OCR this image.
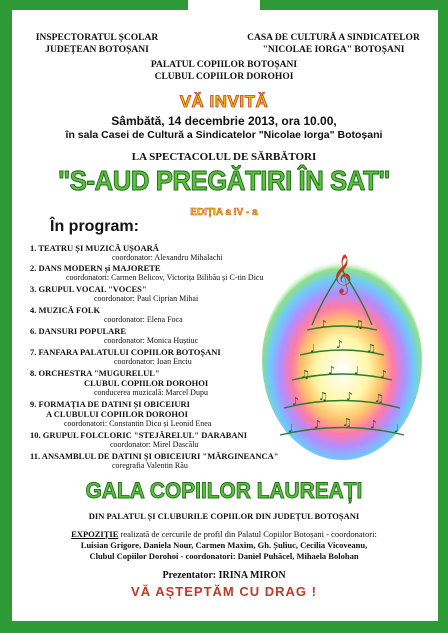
INSPECTORATUL ȘCOLAR
JUDEȚEAN BOTOȘANI
CASA DE CULTURĂ A SINDICATELOR
"NICOLAE IORGA" BOTOȘANI
PALATUL COPIILOR BOTOȘANI
CLUBUL COPIILOR DOROHOI
VĂ INVITĂ
Sâmbătă, 14 decembrie 2013, ora 10.00,
în sala Casei de Cultură a Sindicatelor "Nicolae Iorga" Botoșani
LA SPECTACOLUL DE SĂRBĂTORI
"S-AUD PREGĂTIRI ÎN SAT"
EDIȚIA a IV - a
În program:
1. TEATRU ȘI MUZICĂ UȘOARĂ
coordonator: Alexandru Mihalachi
2. DANS MODERN și MAJORETE
coordonatori: Carmen Belicov, Victorița Bilibău și C-tin Dicu
3. GRUPUL VOCAL "VOCES"
coordonator: Paul Ciprian Mihai
4. MUZICĂ FOLK
coordonator: Elena Foca
6. DANSURI POPULARE
coordonator: Monica Huștiuc
7. FANFARA PALATULUI COPIILOR BOTOȘANI
coordonator: Ioan Enciu
8. ORCHESTRA "MUGURELUL"
CLUBUL COPIILOR DOROHOI
conducerea muzicală: Marcel Dupu
9. FORMAȚIA DE DATINI ȘI OBICEIURI
A CLUBULUI COPIILOR DOROHOI
coordonatori: Constantin Dicu și Leonid Enea
10. GRUPUL FOLCLORIC "STEJĂRELUL" DARABANI
coordonator: Mirel Dascălu
11. ANSAMBLUL DE DATINI ȘI OBICEIURI "MĂRGINEANCA"
coregrafia Valentin Rău
♪ ♫
♩ ♪ ♫
♫ ♪ ♩ ♪
♪ ♫ ♪ ♫
♩ ♪ ♫ ♪ ♩
𝄞
GALA COPIILOR LAUREAȚI
DIN PALATUL ȘI CLUBURILE COPIILOR DIN JUDEȚUL BOTOȘANI
EXPOZIȚIE realizată de cercurile de profil din Palatul Copiilor Botoșani - coordonatori:
Luisian Grigore, Daniela Nour, Carmen Maxim, Gh. Șuliuc, Cecilia Vicoveanu,
Clubul Copiilor Dorohoi - coordonatori: Daniel Puhăcel, Mihaela Bolohan
Prezentator: IRINA MIRON
VĂ AȘTEPTĂM CU DRAG !
